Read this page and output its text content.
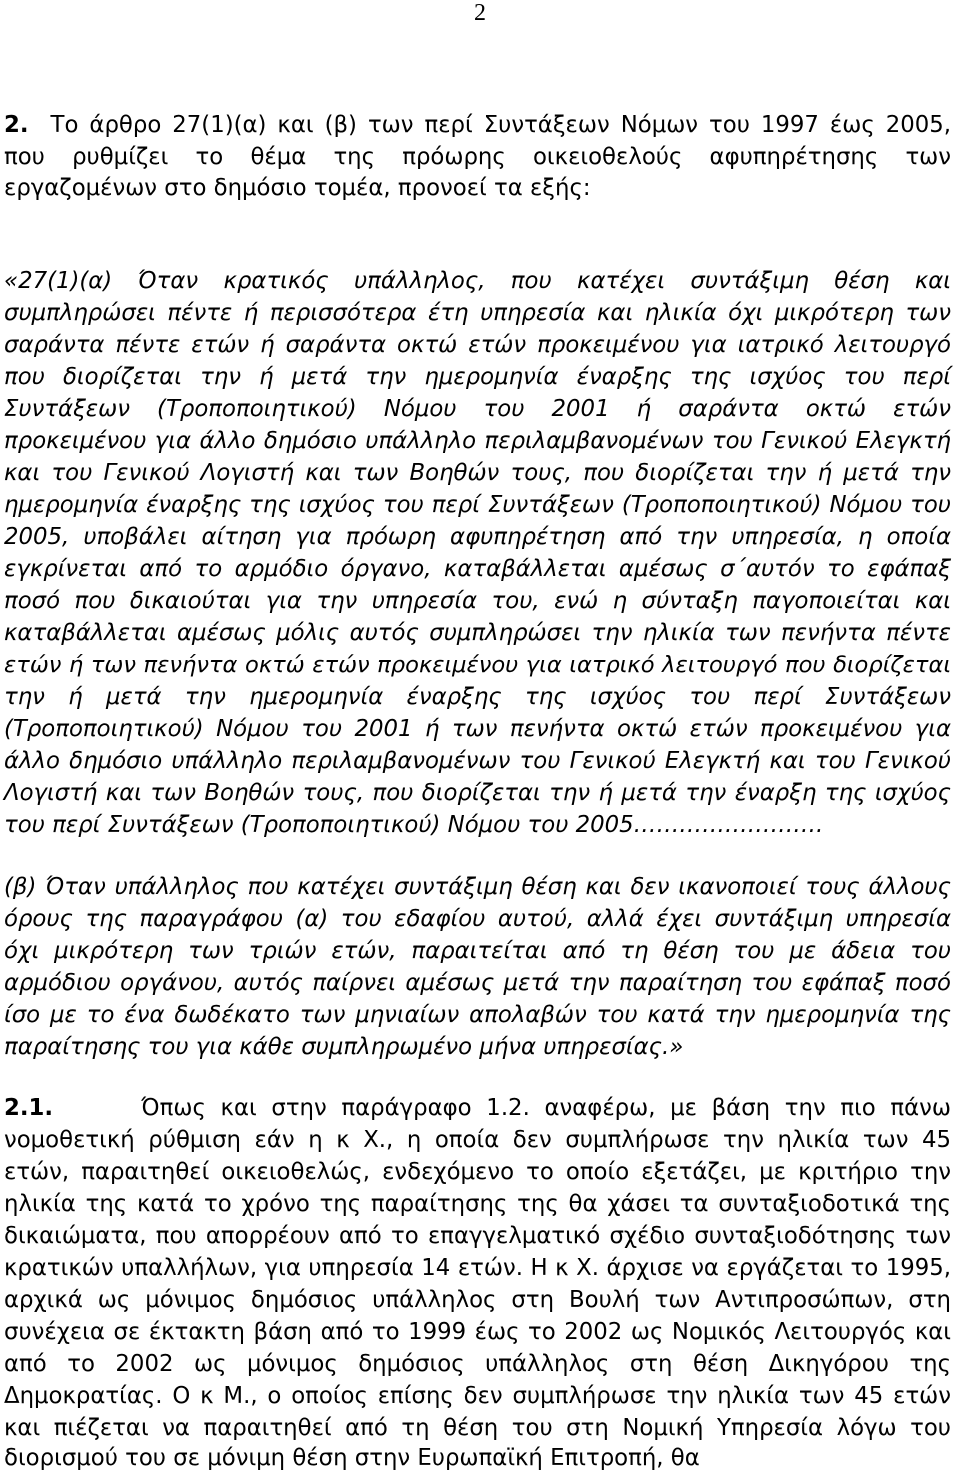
2

2. Το άρθρο 27(1)(α) και (β) των περί Συντάξεων Νόμων του 1997 έως 2005,

που ρυθμίζει το θέμα της πρόωρης οικειοθελούς αφυπηρέτησης των

εργαζομένων στο δημόσιο τομέα, προνοεί τα εξής:

«27(1)(α) Όταν κρατικός υπάλληλος, που κατέχει συντάξιμη θέση και

συμπληρώσει πέντε ή περισσότερα έτη υπηρεσία και ηλικία όχι μικρότερη των

σαράντα πέντε ετών ή σαράντα οκτώ ετών προκειμένου για ιατρικό λειτουργό

που διορίζεται την ή μετά την ημερομηνία έναρξης της ισχύος του περί

Συντάξεων (Τροποποιητικού) Νόμου του 2001 ή σαράντα οκτώ ετών

προκειμένου για άλλο δημόσιο υπάλληλο περιλαμβανομένων του Γενικού Ελεγκτή

και του Γενικού Λογιστή και των Βοηθών τους, που διορίζεται την ή μετά την

ημερομηνία έναρξης της ισχύος του περί Συντάξεων (Τροποποιητικού) Νόμου του

2005, υποβάλει αίτηση για πρόωρη αφυπηρέτηση από την υπηρεσία, η οποία

εγκρίνεται από το αρμόδιο όργανο, καταβάλλεται αμέσως σ΄αυτόν το εφάπαξ

ποσό που δικαιούται για την υπηρεσία του, ενώ η σύνταξη παγοποιείται και

καταβάλλεται αμέσως μόλις αυτός συμπληρώσει την ηλικία των πενήντα πέντε

ετών ή των πενήντα οκτώ ετών προκειμένου για ιατρικό λειτουργό που διορίζεται

την ή μετά την ημερομηνία έναρξης της ισχύος του περί Συντάξεων

(Τροποποιητικού) Νόμου του 2001 ή των πενήντα οκτώ ετών προκειμένου για

άλλο δημόσιο υπάλληλο περιλαμβανομένων του Γενικού Ελεγκτή και του Γενικού

Λογιστή και των Βοηθών τους, που διορίζεται την ή μετά την έναρξη της ισχύος

του περί Συντάξεων (Τροποποιητικού) Νόμου του 2005…………………….

(β) Όταν υπάλληλος που κατέχει συντάξιμη θέση και δεν ικανοποιεί τους άλλους

όρους της παραγράφου (α) του εδαφίου αυτού, αλλά έχει συντάξιμη υπηρεσία

όχι μικρότερη των τριών ετών, παραιτείται από τη θέση του με άδεια του

αρμόδιου οργάνου, αυτός παίρνει αμέσως μετά την παραίτηση του εφάπαξ ποσό

ίσο με το ένα δωδέκατο των μηνιαίων απολαβών του κατά την ημερομηνία της

παραίτησης του για κάθε συμπληρωμένο μήνα υπηρεσίας.»

2.1.	Όπως και στην παράγραφο 1.2. αναφέρω, με βάση την πιο πάνω

νομοθετική ρύθμιση εάν η κ Χ., η οποία δεν συμπλήρωσε την ηλικία των 45

ετών, παραιτηθεί οικειοθελώς, ενδεχόμενο το οποίο εξετάζει, με κριτήριο την

ηλικία της κατά το χρόνο της παραίτησης της θα χάσει τα συνταξιοδοτικά της

δικαιώματα, που απορρέουν από το επαγγελματικό σχέδιο συνταξιοδότησης των

κρατικών υπαλλήλων, για υπηρεσία 14 ετών. Η κ Χ. άρχισε να εργάζεται το 1995,

αρχικά ως μόνιμος δημόσιος υπάλληλος στη Βουλή των Αντιπροσώπων, στη

συνέχεια σε έκτακτη βάση από το 1999 έως το 2002 ως Νομικός Λειτουργός και

από το 2002 ως μόνιμος δημόσιος υπάλληλος στη θέση Δικηγόρου της

Δημοκρατίας. Ο κ Μ., ο οποίος επίσης δεν συμπλήρωσε την ηλικία των 45 ετών

και πιέζεται να παραιτηθεί από τη θέση του στη Νομική Υπηρεσία λόγω του

διορισμού του σε μόνιμη θέση στην Ευρωπαϊκή Επιτροπή, θα
